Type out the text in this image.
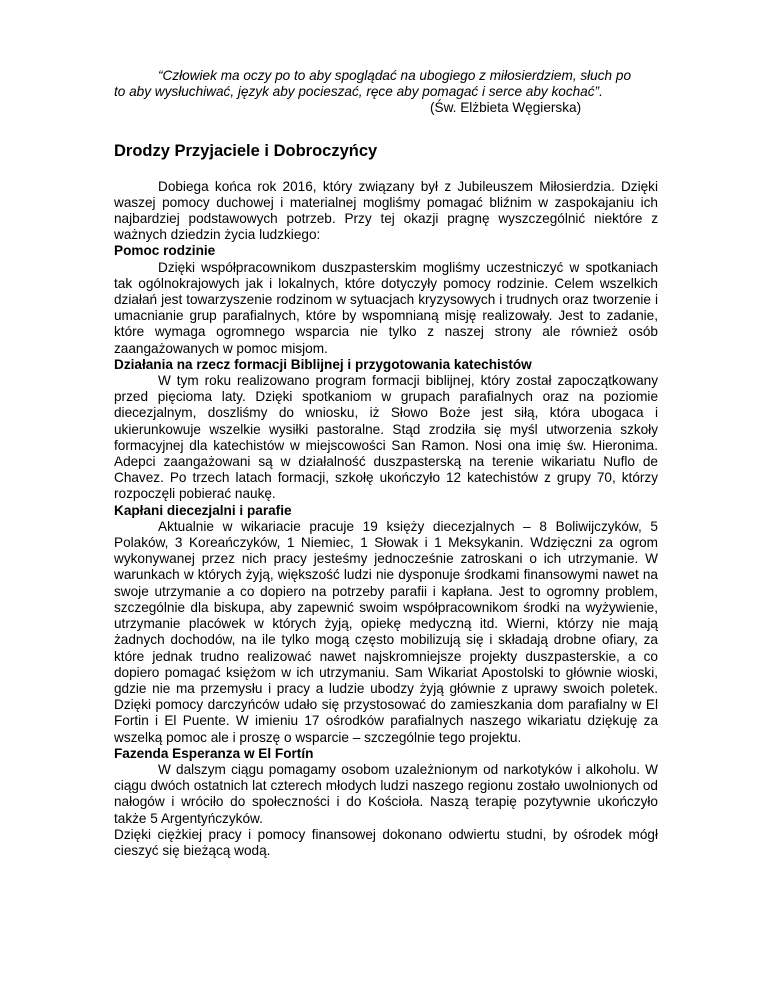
“Człowiek ma oczy po to aby spoglądać na ubogiego z miłosierdziem, słuch po

to aby wysłuchiwać, język aby pocieszać, ręce aby pomagać i serce aby kochać”.

(Św. Elżbieta Węgierska)

Drodzy Przyjaciele i Dobroczyńcy

Dobiega końca rok 2016, który związany był z Jubileuszem Miłosierdzia. Dzięki waszej pomocy duchowej i materialnej mogliśmy pomagać bliźnim w zaspokajaniu ich najbardziej podstawowych potrzeb. Przy tej okazji pragnę wyszczególnić niektóre z ważnych dziedzin życia ludzkiego:

Pomoc rodzinie

Dzięki współpracownikom duszpasterskim mogliśmy uczestniczyć w spotkaniach tak ogólnokrajowych jak i lokalnych, które dotyczyły pomocy rodzinie. Celem wszelkich działań jest towarzyszenie rodzinom w sytuacjach kryzysowych i trudnych oraz tworzenie i umacnianie grup parafialnych, które by wspomnianą misję realizowały. Jest to zadanie, które wymaga ogromnego wsparcia nie tylko z naszej strony ale również osób zaangażowanych w pomoc misjom.

Działania na rzecz formacji Biblijnej i przygotowania katechistów

W tym roku realizowano program formacji biblijnej, który został zapoczątkowany przed pięcioma laty. Dzięki spotkaniom w grupach parafialnych oraz na poziomie diecezjalnym, doszliśmy do wniosku, iż Słowo Boże jest siłą, która ubogaca i ukierunkowuje wszelkie wysiłki pastoralne. Stąd zrodziła się myśl utworzenia szkoły formacyjnej dla katechistów w miejscowości San Ramon. Nosi ona imię św. Hieronima. Adepci zaangażowani są w działalność duszpasterską na terenie wikariatu Nuflo de Chavez. Po trzech latach formacji, szkołę ukończyło 12 katechistów z grupy 70, którzy rozpoczęli pobierać naukę.

Kapłani diecezjalni i parafie

Aktualnie w wikariacie pracuje 19 księży diecezjalnych – 8 Boliwijczyków, 5 Polaków, 3 Koreańczyków, 1 Niemiec, 1 Słowak i 1 Meksykanin. Wdzięczni za ogrom wykonywanej przez nich pracy jesteśmy jednocześnie zatroskani o ich utrzymanie. W warunkach w których żyją, większość ludzi nie dysponuje środkami finansowymi nawet na swoje utrzymanie a co dopiero na potrzeby parafii i kapłana. Jest to ogromny problem, szczególnie dla biskupa, aby zapewnić swoim współpracownikom środki na wyżywienie, utrzymanie placówek w których żyją, opiekę medyczną itd. Wierni, którzy nie mają żadnych dochodów, na ile tylko mogą często mobilizują się i składają drobne ofiary, za które jednak trudno realizować nawet najskromniejsze projekty duszpasterskie, a co dopiero pomagać księżom w ich utrzymaniu. Sam Wikariat Apostolski to głównie wioski, gdzie nie ma przemysłu i pracy a ludzie ubodzy żyją głównie z uprawy swoich poletek. Dzięki pomocy darczyńców udało się przystosować do zamieszkania dom parafialny w El Fortin i El Puente. W imieniu 17 ośrodków parafialnych naszego wikariatu dziękuję za wszelką pomoc ale i proszę o wsparcie – szczególnie tego projektu.

Fazenda Esperanza w El Fortín

W dalszym ciągu pomagamy osobom uzależnionym od narkotyków i alkoholu. W ciągu dwóch ostatnich lat czterech młodych ludzi naszego regionu zostało uwolnionych od nałogów i wróciło do społeczności i do Kościoła. Naszą terapię pozytywnie ukończyło także 5 Argentyńczyków.

Dzięki ciężkiej pracy i pomocy finansowej dokonano odwiertu studni, by ośrodek mógł cieszyć się bieżącą wodą.
